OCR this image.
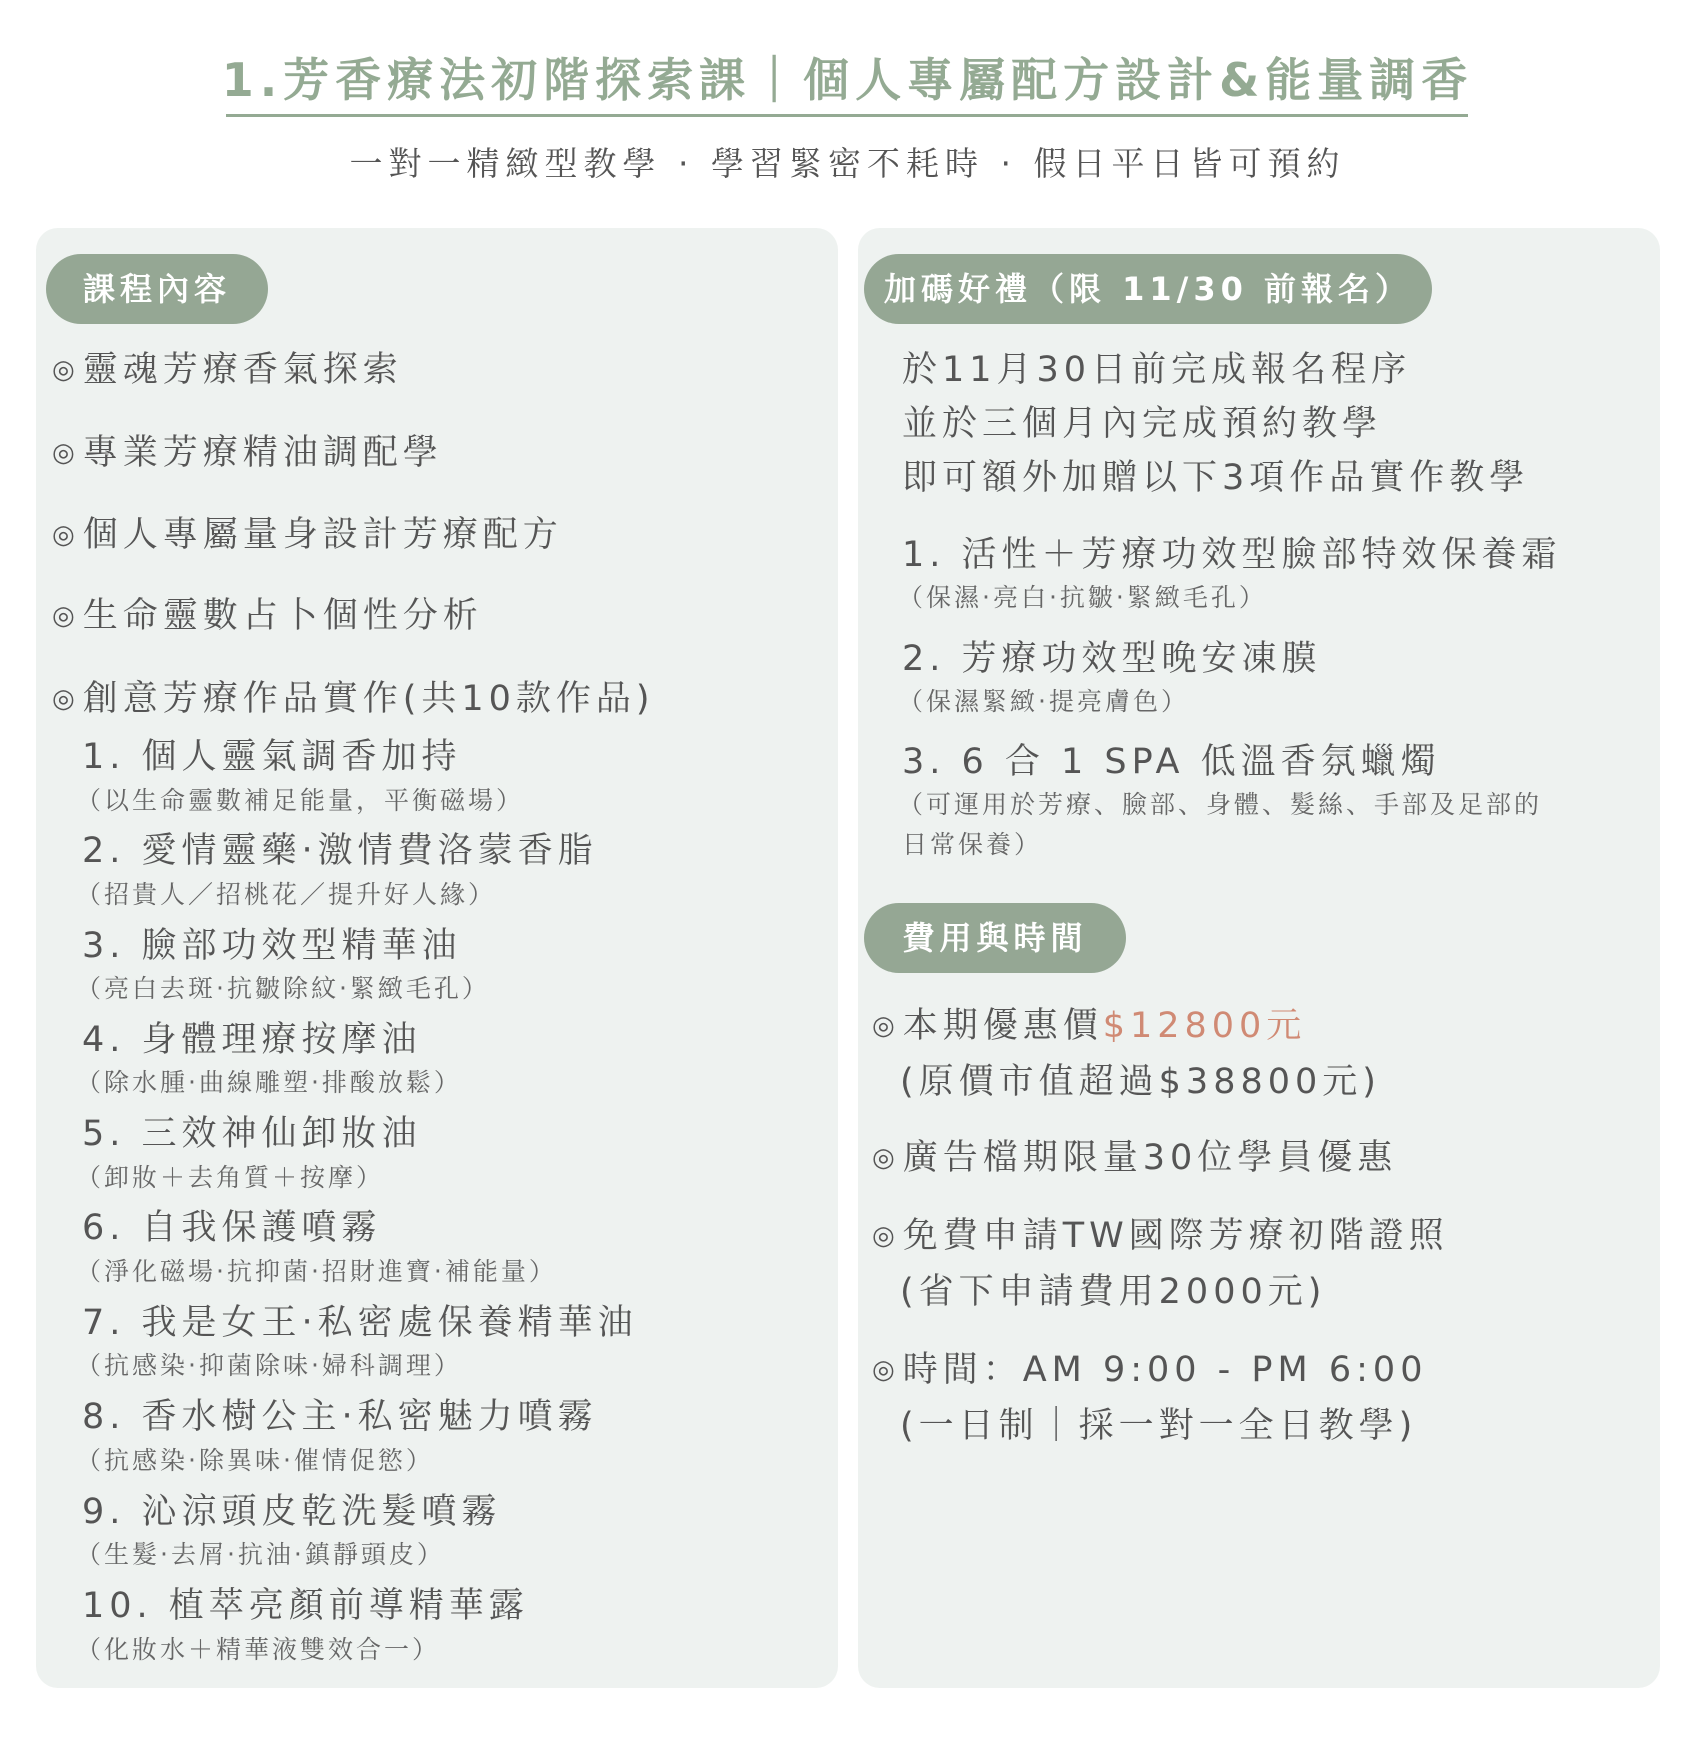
1.芳香療法初階探索課｜個人專屬配方設計&能量調香
一對一精緻型教學 · 學習緊密不耗時 · 假日平日皆可預約
課程內容
◎ 靈魂芳療香氣探索
◎ 專業芳療精油調配學
◎ 個人專屬量身設計芳療配方
◎ 生命靈數占卜個性分析
◎ 創意芳療作品實作(共10款作品)
1. 個人靈氣調香加持
（以生命靈數補足能量，平衡磁場）
2. 愛情靈藥‧激情費洛蒙香脂
（招貴人／招桃花／提升好人緣）
3. 臉部功效型精華油
（亮白去斑‧抗皺除紋‧緊緻毛孔）
4. 身體理療按摩油
（除水腫‧曲線雕塑‧排酸放鬆）
5. 三效神仙卸妝油
（卸妝＋去角質＋按摩）
6. 自我保護噴霧
（淨化磁場‧抗抑菌‧招財進寶‧補能量）
7. 我是女王‧私密處保養精華油
（抗感染‧抑菌除味‧婦科調理）
8. 香水樹公主‧私密魅力噴霧
（抗感染‧除異味‧催情促慾）
9. 沁涼頭皮乾洗髮噴霧
（生髮‧去屑‧抗油‧鎮靜頭皮）
10. 植萃亮顏前導精華露
（化妝水＋精華液雙效合一）
加碼好禮（限 11/30 前報名）
於11月30日前完成報名程序
並於三個月內完成預約教學
即可額外加贈以下3項作品實作教學
1. 活性＋芳療功效型臉部特效保養霜
（保濕‧亮白‧抗皺‧緊緻毛孔）
2. 芳療功效型晚安凍膜
（保濕緊緻‧提亮膚色）
3. 6 合 1 SPA 低溫香氛蠟燭
（可運用於芳療、臉部、身體、髮絲、手部及足部的
日常保養）
費用與時間
◎ 本期優惠價 $12800元
(原價市值超過$38800元)
◎ 廣告檔期限量30位學員優惠
◎ 免費申請TW國際芳療初階證照
(省下申請費用2000元)
◎ 時間：AM 9:00 - PM 6:00
(一日制｜採一對一全日教學)
